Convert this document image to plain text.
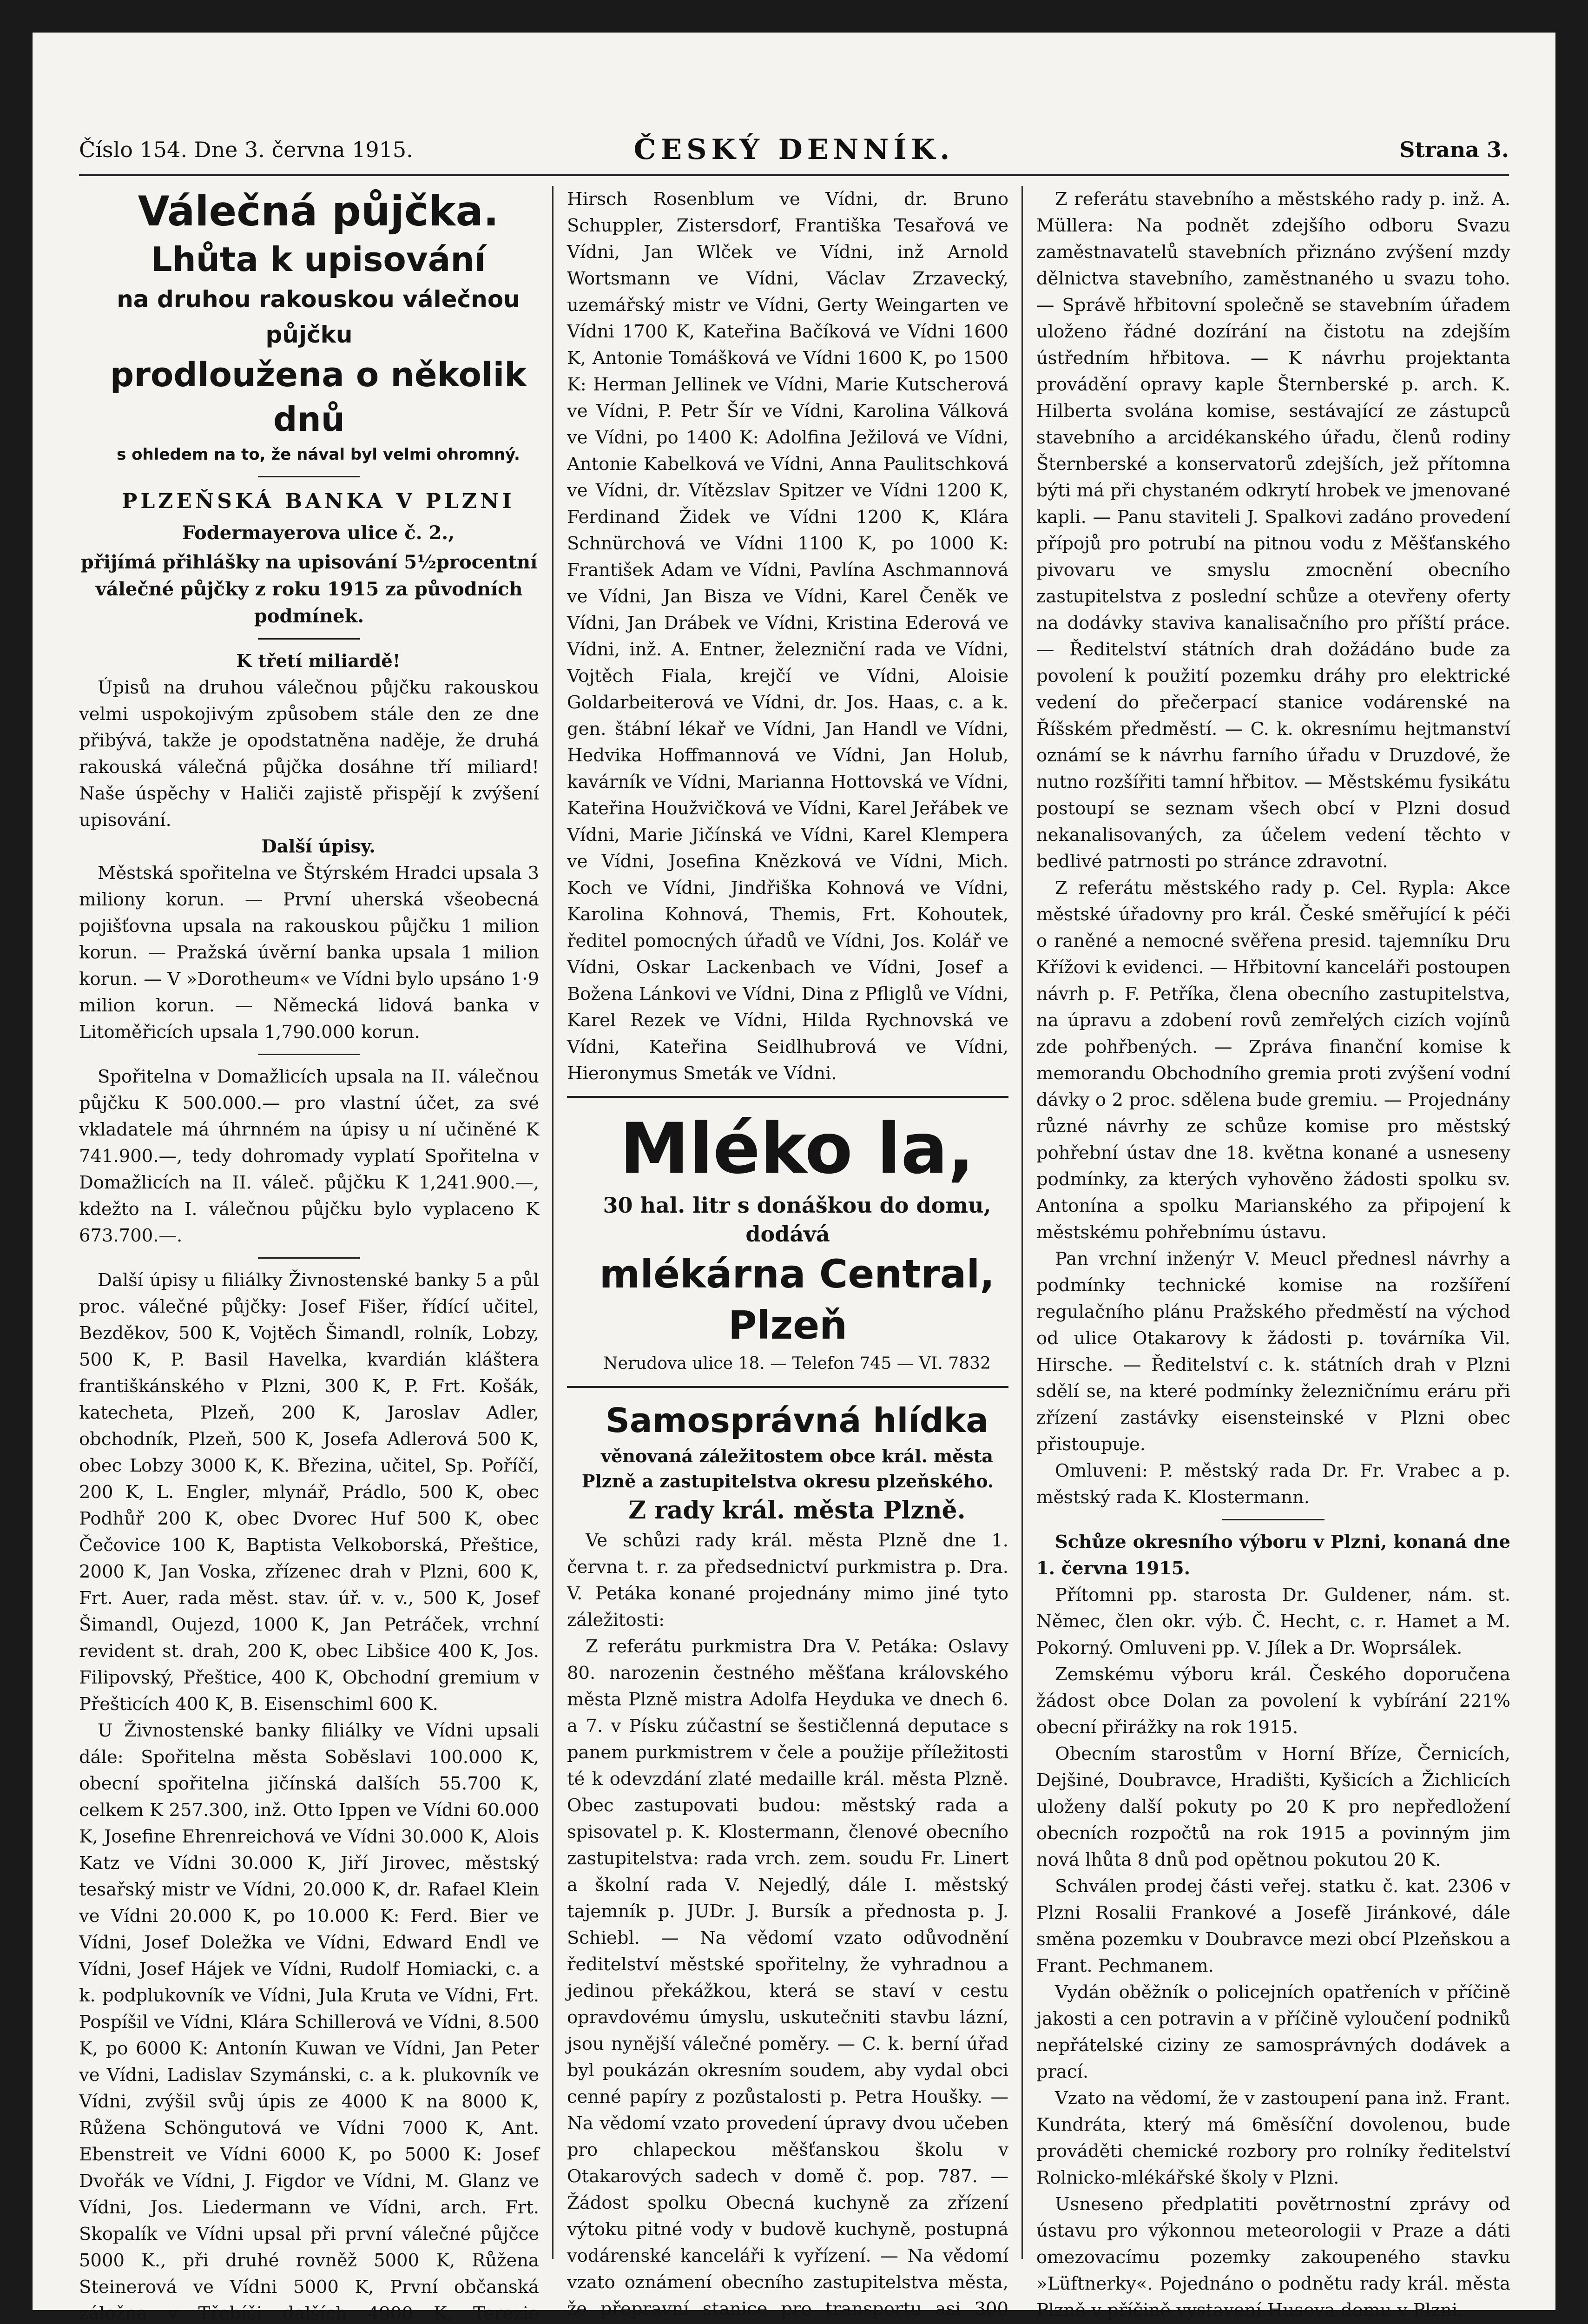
Číslo 154. Dne 3. června 1915.	ČESKÝ DENNÍK.	Strana 3.

Válečná půjčka.

Lhůta k upisování

na druhou rakouskou válečnou půjčku

prodloužena o několik dnů

s ohledem na to, že nával byl velmi ohromný.

PLZEŇSKÁ BANKA V PLZNI

Fodermayerova ulice č. 2.,

přijímá přihlášky na upisování 5½procentní válečné půjčky z roku 1915 za původních podmínek.

K třetí miliardě!

Úpisů na druhou válečnou půjčku rakouskou velmi uspokojivým způsobem stále den ze dne přibývá, takže je opodstatněna naděje, že druhá rakouská válečná půjčka dosáhne tří miliard! Naše úspěchy v Haliči zajistě přispějí k zvýšení upisování.

Další úpisy.

Městská spořitelna ve Štýrském Hradci upsala 3 miliony korun. — První uherská všeobecná pojišťovna upsala na rakouskou půjčku 1 milion korun. — Pražská úvěrní banka upsala 1 milion korun. — V »Dorotheum« ve Vídni bylo upsáno 1·9 milion korun. — Německá lidová banka v Litoměřicích upsala 1,790.000 korun.

Spořitelna v Domažlicích upsala na II. válečnou půjčku K 500.000.— pro vlastní účet, za své vkladatele má úhrnném na úpisy u ní učiněné K 741.900.—, tedy dohromady vyplatí Spořitelna v Domažlicích na II. váleč. půjčku K 1,241.900.—, kdežto na I. válečnou půjčku bylo vyplaceno K 673.700.—.

Další úpisy u filiálky Živnostenské banky 5 a půl proc. válečné půjčky: Josef Fišer, řídící učitel, Bezděkov, 500 K, Vojtěch Šimandl, rolník, Lobzy, 500 K, P. Basil Havelka, kvardián kláštera františkánského v Plzni, 300 K, P. Frt. Košák, katecheta, Plzeň, 200 K, Jaroslav Adler, obchodník, Plzeň, 500 K, Josefa Adlerová 500 K, obec Lobzy 3000 K, K. Březina, učitel, Sp. Poříčí, 200 K, L. Engler, mlynář, Prádlo, 500 K, obec Podhůř 200 K, obec Dvorec Huf 500 K, obec Čečovice 100 K, Baptista Velkoborská, Přeštice, 2000 K, Jan Voska, zřízenec drah v Plzni, 600 K, Frt. Auer, rada měst. stav. úř. v. v., 500 K, Josef Šimandl, Oujezd, 1000 K, Jan Petráček, vrchní revident st. drah, 200 K, obec Libšice 400 K, Jos. Filipovský, Přeštice, 400 K, Obchodní gremium v Přešticích 400 K, B. Eisenschiml 600 K.

U Živnostenské banky filiálky ve Vídni upsali dále: Spořitelna města Soběslavi 100.000 K, obecní spořitelna jičínská dalších 55.700 K, celkem K 257.300, inž. Otto Ippen ve Vídni 60.000 K, Josefine Ehrenreichová ve Vídni 30.000 K, Alois Katz ve Vídni 30.000 K, Jiří Jirovec, městský tesařský mistr ve Vídni, 20.000 K, dr. Rafael Klein ve Vídni 20.000 K, po 10.000 K: Ferd. Bier ve Vídni, Josef Doležka ve Vídni, Edward Endl ve Vídni, Josef Hájek ve Vídni, Rudolf Homiacki, c. a k. podplukovník ve Vídni, Jula Kruta ve Vídni, Frt. Pospíšil ve Vídni, Klára Schillerová ve Vídni, 8.500 K, po 6000 K: Antonín Kuwan ve Vídni, Jan Peter ve Vídni, Ladislav Szymánski, c. a k. plukovník ve Vídni, zvýšil svůj úpis ze 4000 K na 8000 K, Růžena Schöngutová ve Vídni 7000 K, Ant. Ebenstreit ve Vídni 6000 K, po 5000 K: Josef Dvořák ve Vídni, J. Figdor ve Vídni, M. Glanz ve Vídni, Jos. Liedermann ve Vídni, arch. Frt. Skopalík ve Vídni upsal při první válečné půjčce 5000 K., při druhé rovněž 5000 K, Růžena Steinerová ve Vídni 5000 K, První občanská záložna v Třebíči dalších 4900 K, Terezie

Hirsch Rosenblum ve Vídni, dr. Bruno Schuppler, Zistersdorf, Františka Tesařová ve Vídni, Jan Wlček ve Vídni, inž Arnold Wortsmann ve Vídni, Václav Zrzavecký, uzemářský mistr ve Vídni, Gerty Weingarten ve Vídni 1700 K, Kateřina Bačíková ve Vídni 1600 K, Antonie Tomášková ve Vídni 1600 K, po 1500 K: Herman Jellinek ve Vídni, Marie Kutscherová ve Vídni, P. Petr Šír ve Vídni, Karolina Válková ve Vídni, po 1400 K: Adolfina Ježilová ve Vídni, Antonie Kabelková ve Vídni, Anna Paulitschková ve Vídni, dr. Vítězslav Spitzer ve Vídni 1200 K, Ferdinand Židek ve Vídni 1200 K, Klára Schnürchová ve Vídni 1100 K, po 1000 K: František Adam ve Vídni, Pavlína Aschmannová ve Vídni, Jan Bisza ve Vídni, Karel Čeněk ve Vídni, Jan Drábek ve Vídni, Kristina Ederová ve Vídni, inž. A. Entner, železniční rada ve Vídni, Vojtěch Fiala, krejčí ve Vídni, Aloisie Goldarbeiterová ve Vídni, dr. Jos. Haas, c. a k. gen. štábní lékař ve Vídni, Jan Handl ve Vídni, Hedvika Hoffmannová ve Vídni, Jan Holub, kavárník ve Vídni, Marianna Hottovská ve Vídni, Kateřina Houžvičková ve Vídni, Karel Jeřábek ve Vídni, Marie Jičínská ve Vídni, Karel Klempera ve Vídni, Josefina Knězková ve Vídni, Mich. Koch ve Vídni, Jindřiška Kohnová ve Vídni, Karolina Kohnová, Themis, Frt. Kohoutek, ředitel pomocných úřadů ve Vídni, Jos. Kolář ve Vídni, Oskar Lackenbach ve Vídni, Josef a Božena Lánkovi ve Vídni, Dina z Pfliglů ve Vídni, Karel Rezek ve Vídni, Hilda Rychnovská ve Vídni, Kateřina Seidlhubrová ve Vídni, Hieronymus Smeták ve Vídni.

Mléko la,

30 hal. litr s donáškou do domu, dodává

mlékárna Central, Plzeň

Nerudova ulice 18. — Telefon 745 — VI. 7832

Samosprávná hlídka

věnovaná záležitostem obce král. města Plzně a zastupitelstva okresu plzeňského.

Z rady král. města Plzně.

Ve schůzi rady král. města Plzně dne 1. června t. r. za předsednictví purkmistra p. Dra. V. Petáka konané projednány mimo jiné tyto záležitosti:

Z referátu purkmistra Dra V. Petáka: Oslavy 80. narozenin čestného měšťana královského města Plzně mistra Adolfa Heyduka ve dnech 6. a 7. v Písku zúčastní se šestičlenná deputace s panem purkmistrem v čele a použije příležitosti té k odevzdání zlaté medaille král. města Plzně. Obec zastupovati budou: městský rada a spisovatel p. K. Klostermann, členové obecního zastupitelstva: rada vrch. zem. soudu Fr. Linert a školní rada V. Nejedlý, dále I. městský tajemník p. JUDr. J. Bursík a přednosta p. J. Schiebl. — Na vědomí vzato odůvodnění ředitelství městské spořitelny, že vyhradnou a jedinou překážkou, která se staví v cestu opravdovému úmyslu, uskutečniti stavbu lázní, jsou nynější válečné poměry. — C. k. berní úřad byl poukázán okresním soudem, aby vydal obci cenné papíry z pozůstalosti p. Petra Houšky. — Na vědomí vzato provedení úpravy dvou učeben pro chlapeckou měšťanskou školu v Otakarových sadech v domě č. pop. 787. — Žádost spolku Obecná kuchyně za zřízení výtoku pitné vody v budově kuchyně, postupná vodárenské kanceláři k vyřízení. — Na vědomí vzato oznámení obecního zastupitelstva města, že přepravní stanice pro transportu asi 300

Z referátu stavebního a městského rady p. inž. A. Müllera: Na podnět zdejšího odboru Svazu zaměstnavatelů stavebních přiznáno zvýšení mzdy dělnictva stavebního, zaměstnaného u svazu toho. — Správě hřbitovní společně se stavebním úřadem uloženo řádné dozírání na čistotu na zdejším ústředním hřbitova. — K návrhu projektanta provádění opravy kaple Šternberské p. arch. K. Hilberta svolána komise, sestávající ze zástupců stavebního a arcidékanského úřadu, členů rodiny Šternberské a konservatorů zdejších, jež přítomna býti má při chystaném odkrytí hrobek ve jmenované kapli. — Panu staviteli J. Spalkovi zadáno provedení přípojů pro potrubí na pitnou vodu z Měšťanského pivovaru ve smyslu zmocnění obecního zastupitelstva z poslední schůze a otevřeny oferty na dodávky staviva kanalisačního pro příští práce. — Ředitelství státních drah dožádáno bude za povolení k použití pozemku dráhy pro elektrické vedení do přečerpací stanice vodárenské na Říšském předměstí. — C. k. okresnímu hejtmanství oznámí se k návrhu farního úřadu v Druzdové, že nutno rozšířiti tamní hřbitov. — Městskému fysikátu postoupí se seznam všech obcí v Plzni dosud nekanalisovaných, za účelem vedení těchto v bedlivé patrnosti po stránce zdravotní.

Z referátu městského rady p. Cel. Rypla: Akce městské úřadovny pro král. České směřující k péči o raněné a nemocné svěřena presid. tajemníku Dru Křížovi k evidenci. — Hřbitovní kanceláři postoupen návrh p. F. Petříka, člena obecního zastupitelstva, na úpravu a zdobení rovů zemřelých cizích vojínů zde pohřbených. — Zpráva finanční komise k memorandu Obchodního gremia proti zvýšení vodní dávky o 2 proc. sdělena bude gremiu. — Projednány různé návrhy ze schůze komise pro městský pohřební ústav dne 18. května konané a usneseny podmínky, za kterých vyhověno žádosti spolku sv. Antonína a spolku Marianského za připojení k městskému pohřebnímu ústavu.

Pan vrchní inženýr V. Meucl přednesl návrhy a podmínky technické komise na rozšíření regulačního plánu Pražského předměstí na východ od ulice Otakarovy k žádosti p. továrníka Vil. Hirsche. — Ředitelství c. k. státních drah v Plzni sdělí se, na které podmínky železničnímu eráru při zřízení zastávky eisensteinské v Plzni obec přistoupuje.

Omluveni: P. městský rada Dr. Fr. Vrabec a p. městský rada K. Klostermann.

Schůze okresního výboru v Plzni, konaná dne 1. června 1915.

Přítomni pp. starosta Dr. Guldener, nám. st. Němec, člen okr. výb. Č. Hecht, c. r. Hamet a M. Pokorný. Omluveni pp. V. Jílek a Dr. Woprsálek.

Zemskému výboru král. Českého doporučena žádost obce Dolan za povolení k vybírání 221% obecní přirážky na rok 1915.

Obecním starostům v Horní Bříze, Černicích, Dejšiné, Doubravce, Hradišti, Kyšicích a Žichlicích uloženy další pokuty po 20 K pro nepředložení obecních rozpočtů na rok 1915 a povinným jim nová lhůta 8 dnů pod opětnou pokutou 20 K.

Schválen prodej části veřej. statku č. kat. 2306 v Plzni Rosalii Frankové a Josefě Jiránkové, dále směna pozemku v Doubravce mezi obcí Plzeňskou a Frant. Pechmanem.

Vydán oběžník o policejních opatřeních v příčině jakosti a cen potravin a v příčině vyloučení podniků nepřátelské ciziny ze samosprávných dodávek a prací.

Vzato na vědomí, že v zastoupení pana inž. Frant. Kundráta, který má 6měsíční dovolenou, bude prováděti chemické rozbory pro rolníky ředitelství Rolnicko-mlékářské školy v Plzni.

Usneseno předplatiti povětrnostní zprávy od ústavu pro výkonnou meteorologii v Praze a dáti omezovacímu pozemky zakoupeného stavku »Lüftnerky«. Pojednáno o podnětu rady král. města Plzně v příčině vystavení Husova domu v Plzni.
